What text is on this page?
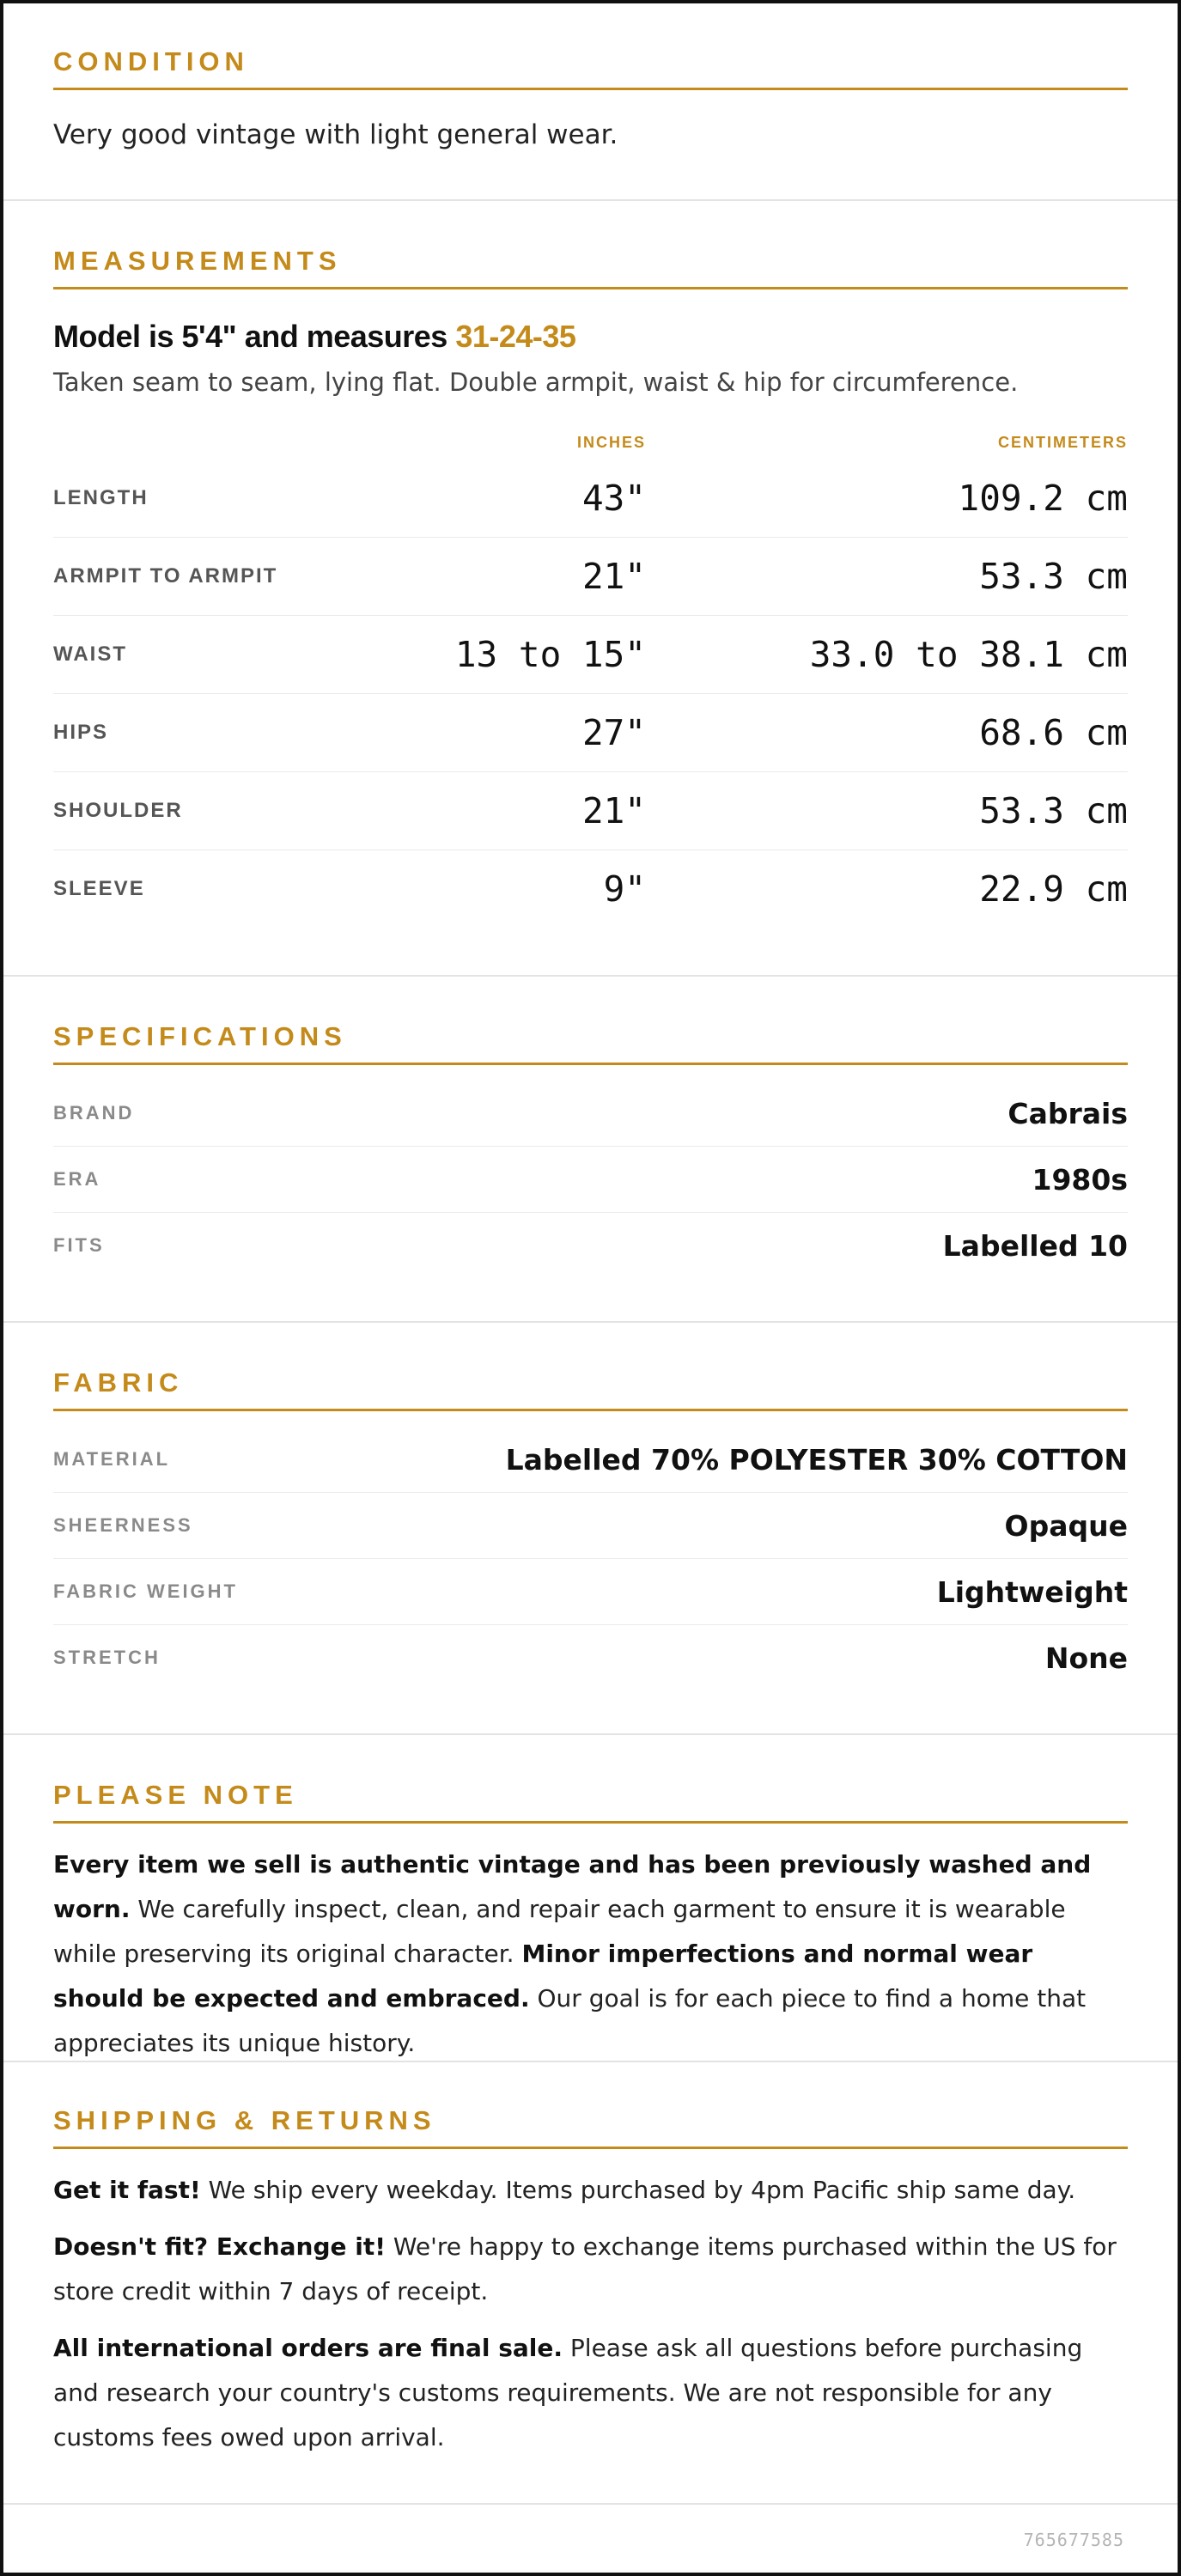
CONDITION
Very good vintage with light general wear.
MEASUREMENTS
Model is 5'4" and measures 31-24-35
Taken seam to seam, lying flat. Double armpit, waist & hip for circumference.
INCHES	CENTIMETERS
LENGTH	43"	109.2 cm
ARMPIT TO ARMPIT	21"	53.3 cm
WAIST	13 to 15"	33.0 to 38.1 cm
HIPS	27"	68.6 cm
SHOULDER	21"	53.3 cm
SLEEVE	9"	22.9 cm
SPECIFICATIONS
BRAND	Cabrais
ERA	1980s
FITS	Labelled 10
FABRIC
MATERIAL	Labelled 70% POLYESTER 30% COTTON
SHEERNESS	Opaque
FABRIC WEIGHT	Lightweight
STRETCH	None
PLEASE NOTE
Every item we sell is authentic vintage and has been previously washed and worn. We carefully inspect, clean, and repair each garment to ensure it is wearable while preserving its original character. Minor imperfections and normal wear should be expected and embraced. Our goal is for each piece to find a home that appreciates its unique history.
SHIPPING & RETURNS
Get it fast! We ship every weekday. Items purchased by 4pm Pacific ship same day.
Doesn't fit? Exchange it! We're happy to exchange items purchased within the US for store credit within 7 days of receipt.
All international orders are final sale. Please ask all questions before purchasing and research your country's customs requirements. We are not responsible for any customs fees owed upon arrival.
765677585
